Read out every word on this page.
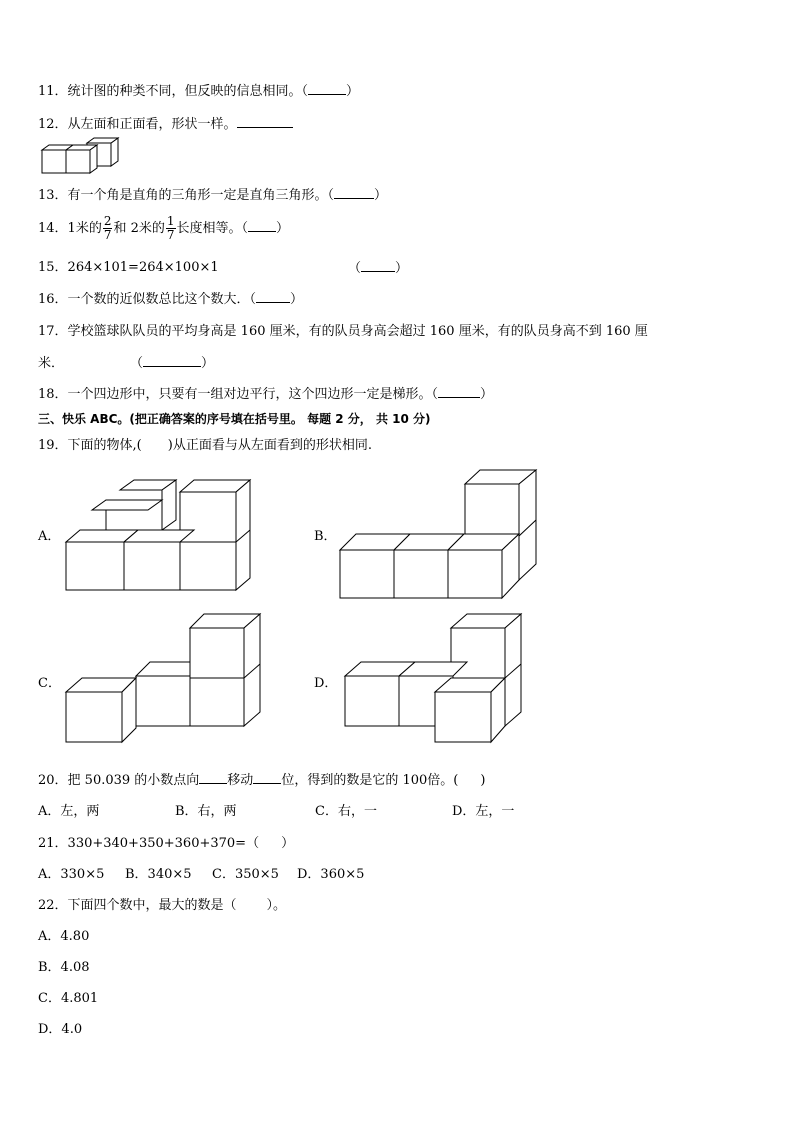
11．统计图的种类不同，但反映的信息相同。（	）
12．从左面和正面看，形状一样。
13．有一个角是直角的三角形一定是直角三角形。（	）
14．1米的 $\frac{2}{7}$ 和 2米的 $\frac{1}{7}$ 长度相等。（ ）
15．264×101=264×100×1	（	）
16．一个数的近似数总比这个数大．（	）
17．学校篮球队队员的平均身高是 160 厘米，有的队员身高会超过 160 厘米，有的队员身高不到 160 厘
米．	（	）
18．一个四边形中，只要有一组对边平行，这个四边形一定是梯形。（	）
三、快乐 ABC。(把正确答案的序号填在括号里。 每题 2 分， 共 10 分)
19．下面的物体,( )从正面看与从左面看到的形状相同.
A．	B．
C．	D．
20．把 50.039 的小数点向 移动 位，得到的数是它的 100倍。( )
A．左，两	B．右，两	C．右，一	D．左，一
21．330+340+350+360+370=（ ）
A．330×5 B．340×5 C．350×5 D．360×5
22．下面四个数中，最大的数是（ ）。
A．4.80
B．4.08
C．4.801
D．4.0
